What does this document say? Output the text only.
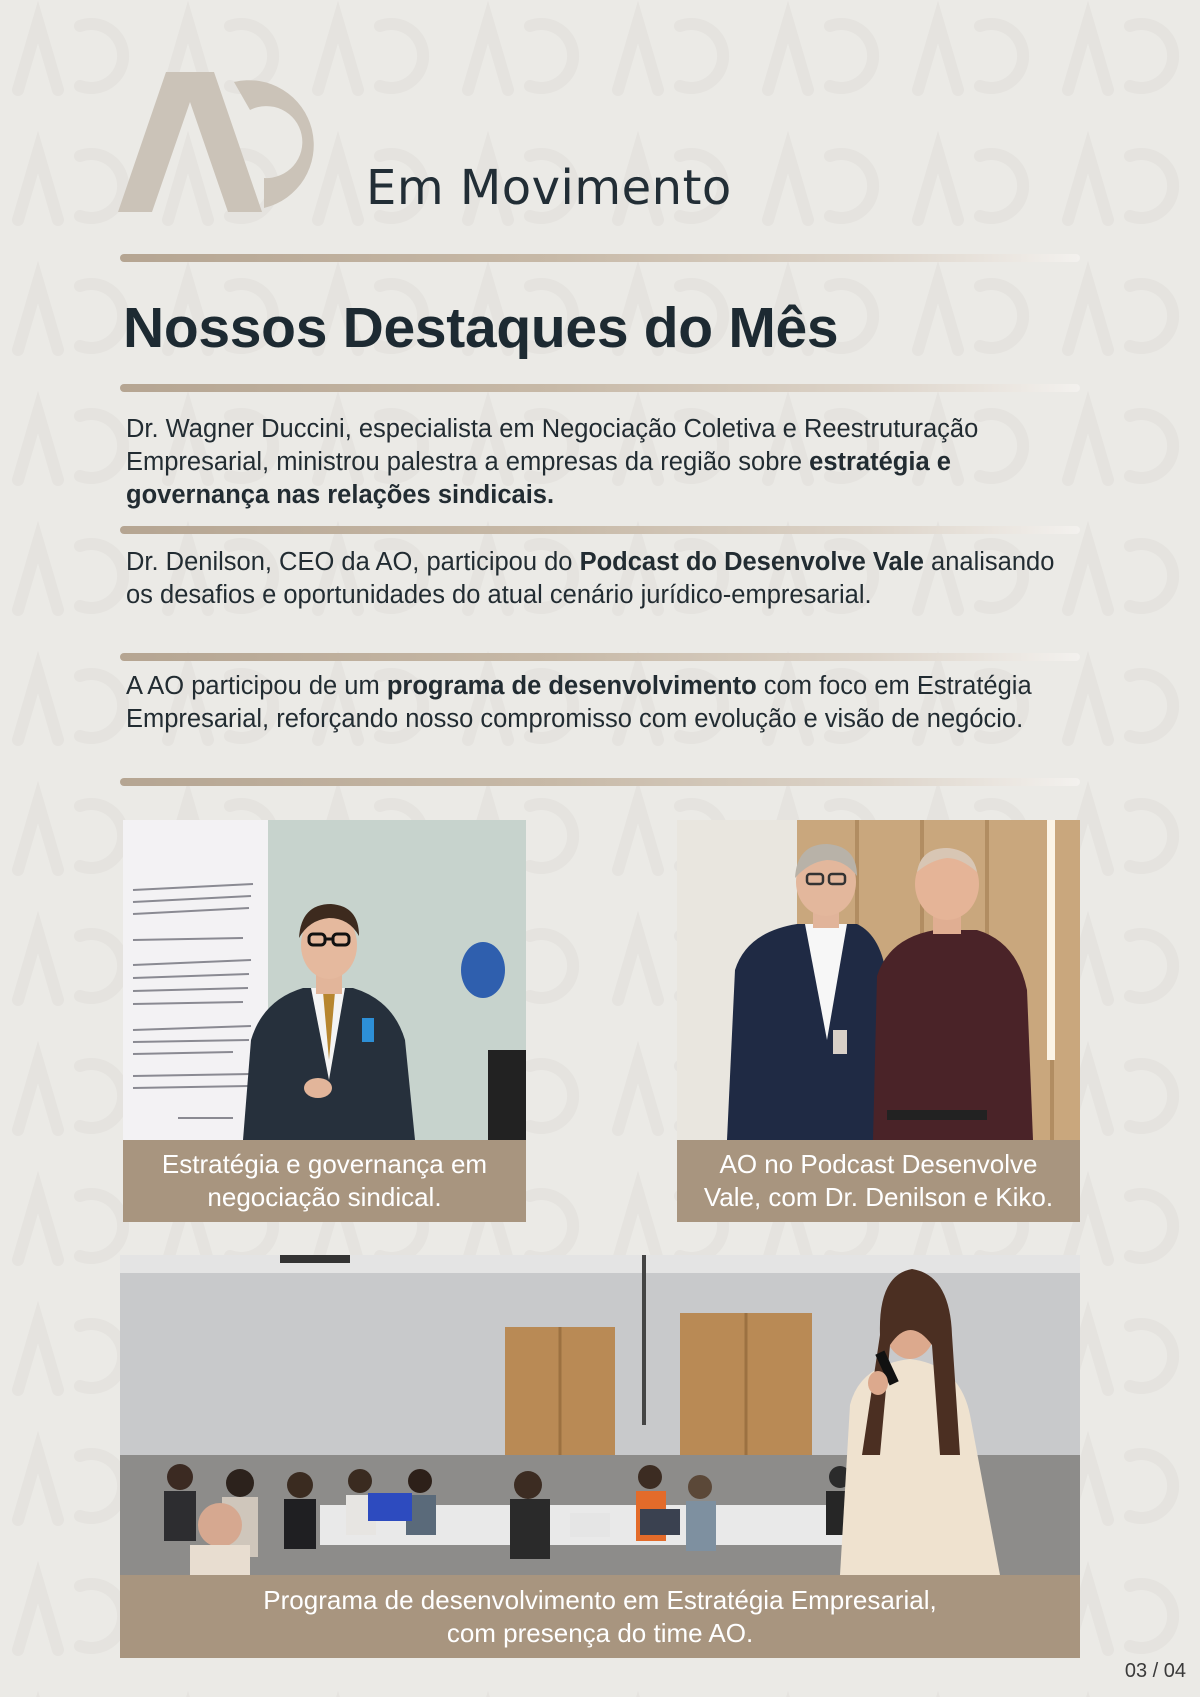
Em Movimento
Nossos Destaques do Mês

Dr. Wagner Duccini, especialista em Negociação Coletiva e Reestruturação Empresarial, ministrou palestra a empresas da região sobre estratégia e governança nas relações sindicais.

Dr. Denilson, CEO da AO, participou do Podcast do Desenvolve Vale analisando os desafios e oportunidades do atual cenário jurídico-empresarial.

A AO participou de um programa de desenvolvimento com foco em Estratégia Empresarial, reforçando nosso compromisso com evolução e visão de negócio.

Estratégia e governança em
negociação sindical.
AO no Podcast Desenvolve
Vale, com Dr. Denilson e Kiko.
Programa de desenvolvimento em Estratégia Empresarial,
com presença do time AO.
03 / 04
